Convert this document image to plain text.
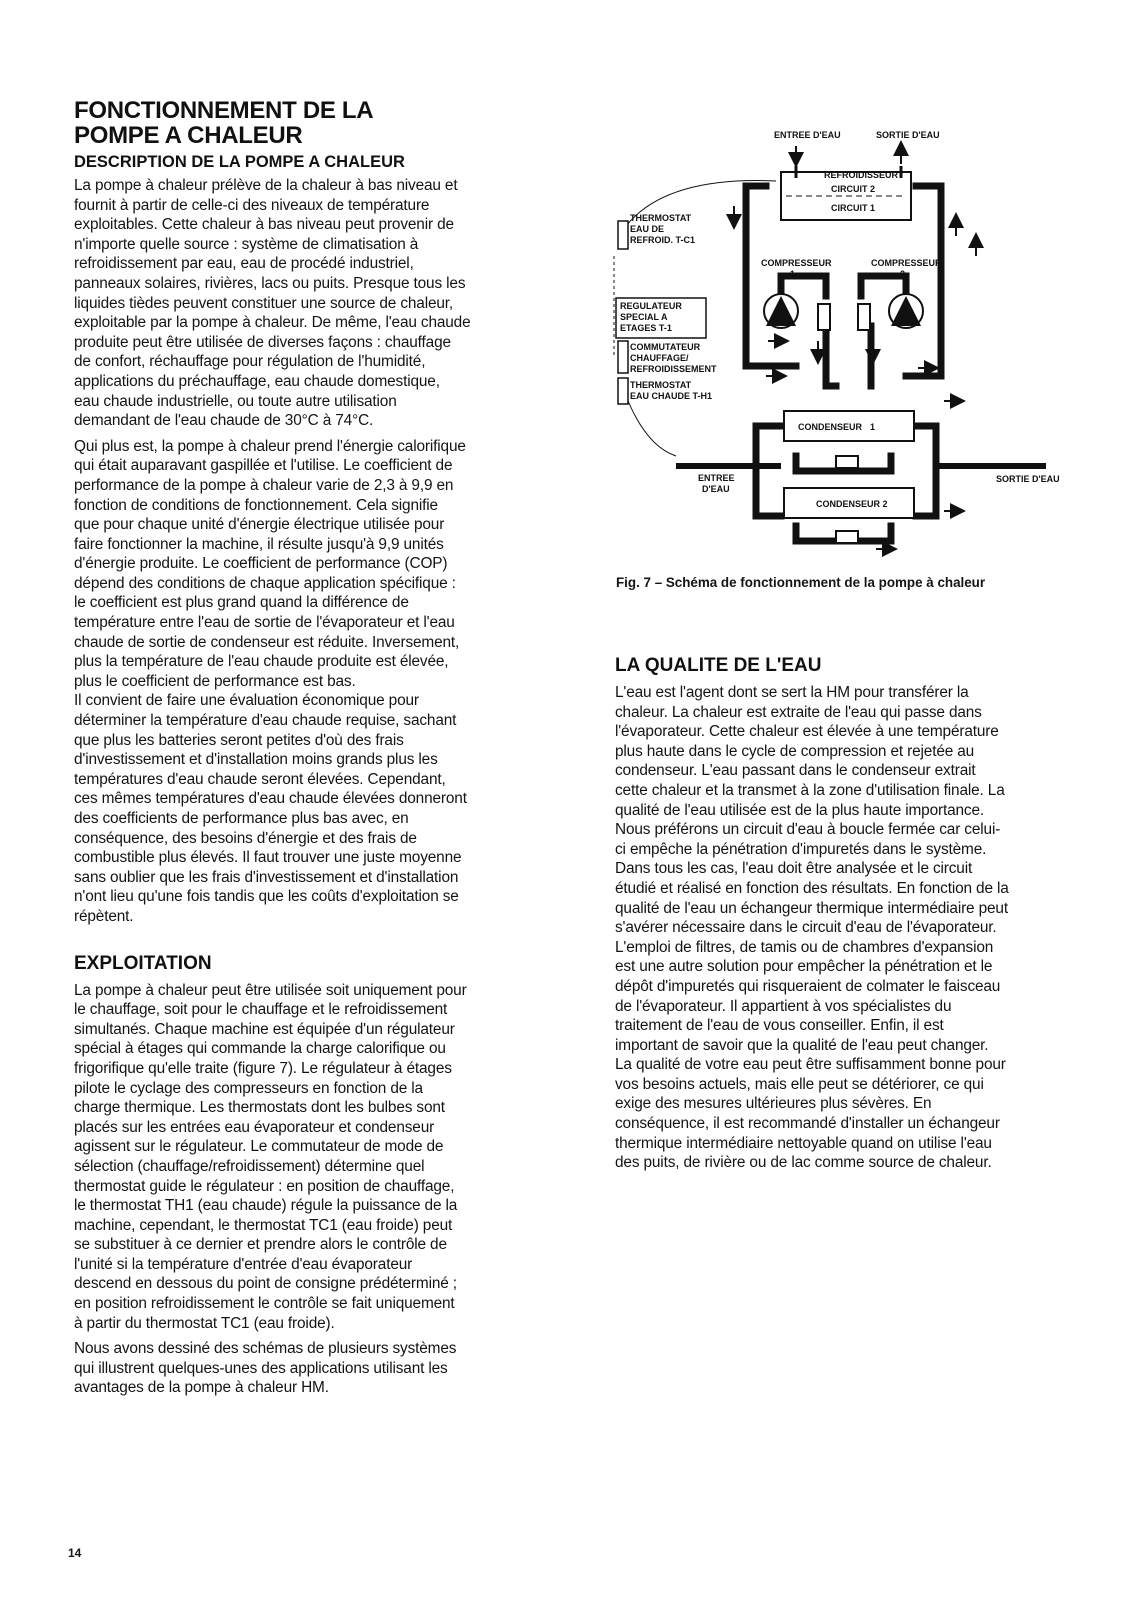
FONCTIONNEMENT DE LA
POMPE A CHALEUR
DESCRIPTION DE LA POMPE A CHALEUR

La pompe à chaleur prélève de la chaleur à bas niveau et
fournit à partir de celle-ci des niveaux de température
exploitables. Cette chaleur à bas niveau peut provenir de
n'importe quelle source : système de climatisation à
refroidissement par eau, eau de procédé industriel,
panneaux solaires, rivières, lacs ou puits. Presque tous les
liquides tièdes peuvent constituer une source de chaleur,
exploitable par la pompe à chaleur. De même, l'eau chaude
produite peut être utilisée de diverses façons : chauffage
de confort, réchauffage pour régulation de l'humidité,
applications du préchauffage, eau chaude domestique,
eau chaude industrielle, ou toute autre utilisation
demandant de l'eau chaude de 30°C à 74°C.

Qui plus est, la pompe à chaleur prend l'énergie calorifique
qui était auparavant gaspillée et l'utilise. Le coefficient de
performance de la pompe à chaleur varie de 2,3 à 9,9 en
fonction de conditions de fonctionnement. Cela signifie
que pour chaque unité d'énergie électrique utilisée pour
faire fonctionner la machine, il résulte jusqu'à 9,9 unités
d'énergie produite. Le coefficient de performance (COP)
dépend des conditions de chaque application spécifique :
le coefficient est plus grand quand la différence de
température entre l'eau de sortie de l'évaporateur et l'eau
chaude de sortie de condenseur est réduite. Inversement,
plus la température de l'eau chaude produite est élevée,
plus le coefficient de performance est bas.
Il convient de faire une évaluation économique pour
déterminer la température d'eau chaude requise, sachant
que plus les batteries seront petites d'où des frais
d'investissement et d'installation moins grands plus les
températures d'eau chaude seront élevées. Cependant,
ces mêmes températures d'eau chaude élevées donneront
des coefficients de performance plus bas avec, en
conséquence, des besoins d'énergie et des frais de
combustible plus élevés. Il faut trouver une juste moyenne
sans oublier que les frais d'investissement et d'installation
n'ont lieu qu'une fois tandis que les coûts d'exploitation se
répètent.

EXPLOITATION

La pompe à chaleur peut être utilisée soit uniquement pour
le chauffage, soit pour le chauffage et le refroidissement
simultanés. Chaque machine est équipée d'un régulateur
spécial à étages qui commande la charge calorifique ou
frigorifique qu'elle traite (figure 7). Le régulateur à étages
pilote le cyclage des compresseurs en fonction de la
charge thermique. Les thermostats dont les bulbes sont
placés sur les entrées eau évaporateur et condenseur
agissent sur le régulateur. Le commutateur de mode de
sélection (chauffage/refroidissement) détermine quel
thermostat guide le régulateur : en position de chauffage,
le thermostat TH1 (eau chaude) régule la puissance de la
machine, cependant, le thermostat TC1 (eau froide) peut
se substituer à ce dernier et prendre alors le contrôle de
l'unité si la température d'entrée d'eau évaporateur
descend en dessous du point de consigne prédéterminé ;
en position refroidissement le contrôle se fait uniquement
à partir du thermostat TC1 (eau froide).

Nous avons dessiné des schémas de plusieurs systèmes
qui illustrent quelques-unes des applications utilisant les
avantages de la pompe à chaleur HM.

ENTREE D'EAU	SORTIE D'EAU
REFROIDISSEUR
CIRCUIT 2
CIRCUIT 1
THERMOSTAT
EAU DE
REFROID. T-C1
REGULATEUR
SPECIAL A
ETAGES T-1
COMMUTATEUR
CHAUFFAGE/
REFROIDISSEMENT
THERMOSTAT
EAU CHAUDE T-H1
COMPRESSEUR
1
COMPRESSEUR
2
CONDENSEUR 1
CONDENSEUR 2
ENTREE
D'EAU
SORTIE D'EAU
Fig. 7 – Schéma de fonctionnement de la pompe à chaleur
LA QUALITE DE L'EAU

L'eau est l'agent dont se sert la HM pour transférer la
chaleur. La chaleur est extraite de l'eau qui passe dans
l'évaporateur. Cette chaleur est élevée à une température
plus haute dans le cycle de compression et rejetée au
condenseur. L'eau passant dans le condenseur extrait
cette chaleur et la transmet à la zone d'utilisation finale. La
qualité de l'eau utilisée est de la plus haute importance.
Nous préférons un circuit d'eau à boucle fermée car celui-
ci empêche la pénétration d'impuretés dans le système.
Dans tous les cas, l'eau doit être analysée et le circuit
étudié et réalisé en fonction des résultats. En fonction de la
qualité de l'eau un échangeur thermique intermédiaire peut
s'avérer nécessaire dans le circuit d'eau de l'évaporateur.
L'emploi de filtres, de tamis ou de chambres d'expansion
est une autre solution pour empêcher la pénétration et le
dépôt d'impuretés qui risqueraient de colmater le faisceau
de l'évaporateur. Il appartient à vos spécialistes du
traitement de l'eau de vous conseiller. Enfin, il est
important de savoir que la qualité de l'eau peut changer.
La qualité de votre eau peut être suffisamment bonne pour
vos besoins actuels, mais elle peut se détériorer, ce qui
exige des mesures ultérieures plus sévères. En
conséquence, il est recommandé d'installer un échangeur
thermique intermédiaire nettoyable quand on utilise l'eau
des puits, de rivière ou de lac comme source de chaleur.

14
